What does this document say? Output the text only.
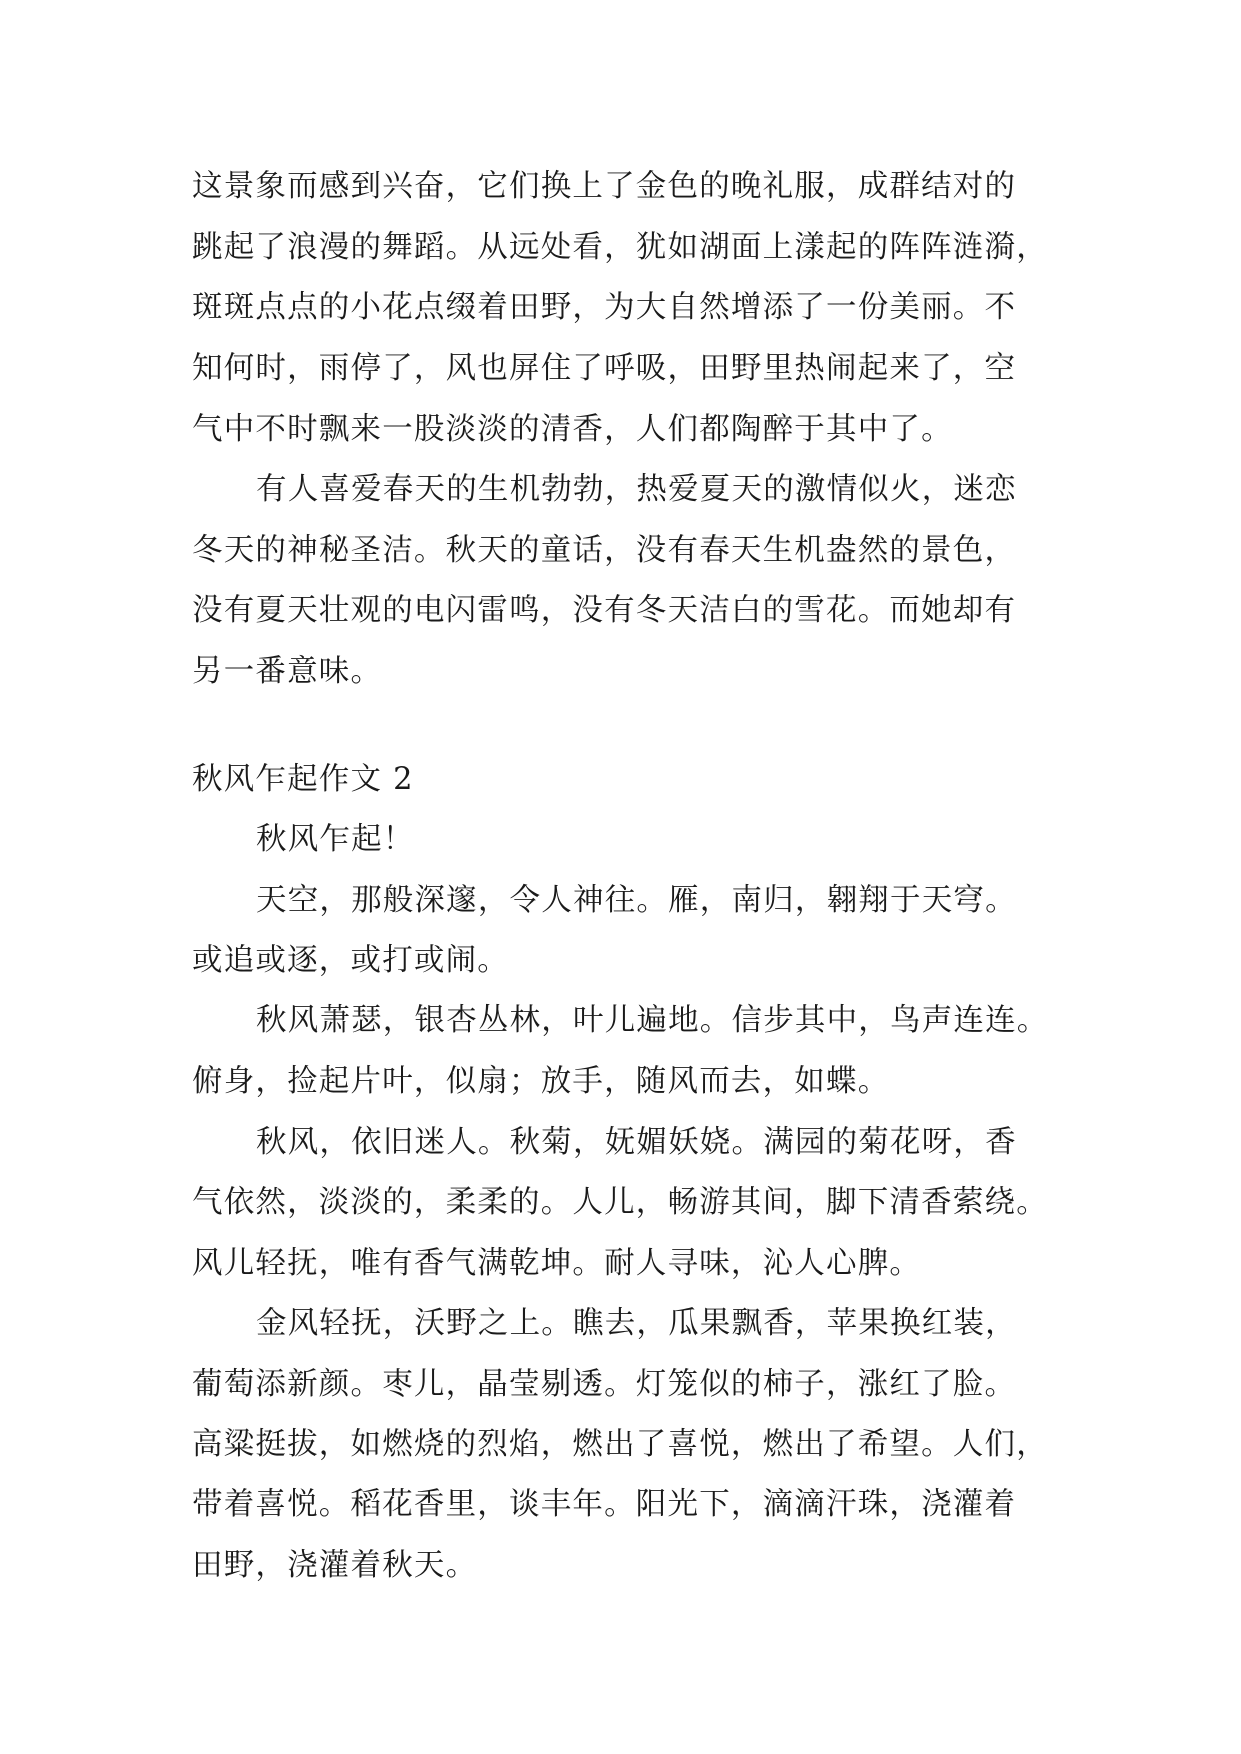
这景象而感到兴奋，它们换上了金色的晚礼服，成群结对的
跳起了浪漫的舞蹈。从远处看，犹如湖面上漾起的阵阵涟漪，
斑斑点点的小花点缀着田野，为大自然增添了一份美丽。不
知何时，雨停了，风也屏住了呼吸，田野里热闹起来了，空
气中不时飘来一股淡淡的清香，人们都陶醉于其中了。
有人喜爱春天的生机勃勃，热爱夏天的激情似火，迷恋
冬天的神秘圣洁。秋天的童话，没有春天生机盎然的景色，
没有夏天壮观的电闪雷鸣，没有冬天洁白的雪花。而她却有
另一番意味。
秋风乍起作文 2
秋风乍起！
天空，那般深邃，令人神往。雁，南归，翱翔于天穹。
或追或逐，或打或闹。
秋风萧瑟，银杏丛林，叶儿遍地。信步其中，鸟声连连。
俯身，捡起片叶，似扇；放手，随风而去，如蝶。
秋风，依旧迷人。秋菊，妩媚妖娆。满园的菊花呀，香
气依然，淡淡的，柔柔的。人儿，畅游其间，脚下清香萦绕。
风儿轻抚，唯有香气满乾坤。耐人寻味，沁人心脾。
金风轻抚，沃野之上。瞧去，瓜果飘香，苹果换红装，
葡萄添新颜。枣儿，晶莹剔透。灯笼似的柿子，涨红了脸。
高粱挺拔，如燃烧的烈焰，燃出了喜悦，燃出了希望。人们，
带着喜悦。稻花香里，谈丰年。阳光下，滴滴汗珠，浇灌着
田野，浇灌着秋天。
